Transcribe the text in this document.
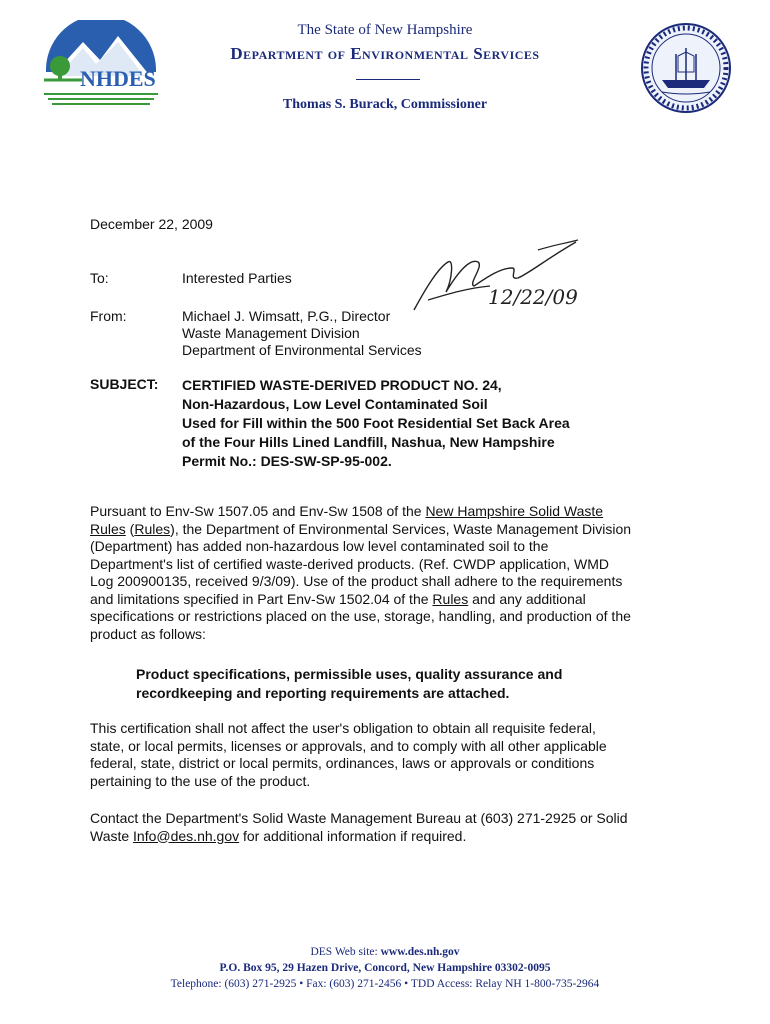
NHDES
The State of New Hampshire
Department of Environmental Services
Thomas S. Burack, Commissioner
December 22, 2009
To:	Interested Parties
From:	Michael J. Wimsatt, P.G., Director
Waste Management Division
Department of Environmental Services
12/22/09
SUBJECT: CERTIFIED WASTE-DERIVED PRODUCT NO. 24,
Non-Hazardous, Low Level Contaminated Soil
Used for Fill within the 500 Foot Residential Set Back Area
of the Four Hills Lined Landfill, Nashua, New Hampshire
Permit No.: DES-SW-SP-95-002.
Pursuant to Env-Sw 1507.05 and Env-Sw 1508 of the New Hampshire Solid Waste
Rules (Rules), the Department of Environmental Services, Waste Management Division
(Department) has added non-hazardous low level contaminated soil to the
Department's list of certified waste-derived products. (Ref. CWDP application, WMD
Log 200900135, received 9/3/09). Use of the product shall adhere to the requirements
and limitations specified in Part Env-Sw 1502.04 of the Rules and any additional
specifications or restrictions placed on the use, storage, handling, and production of the
product as follows:
Product specifications, permissible uses, quality assurance and
recordkeeping and reporting requirements are attached.
This certification shall not affect the user's obligation to obtain all requisite federal,
state, or local permits, licenses or approvals, and to comply with all other applicable
federal, state, district or local permits, ordinances, laws or approvals or conditions
pertaining to the use of the product.
Contact the Department's Solid Waste Management Bureau at (603) 271-2925 or Solid
Waste Info@des.nh.gov for additional information if required.
DES Web site: www.des.nh.gov
P.O. Box 95, 29 Hazen Drive, Concord, New Hampshire 03302-0095
Telephone: (603) 271-2925 • Fax: (603) 271-2456 • TDD Access: Relay NH 1-800-735-2964
